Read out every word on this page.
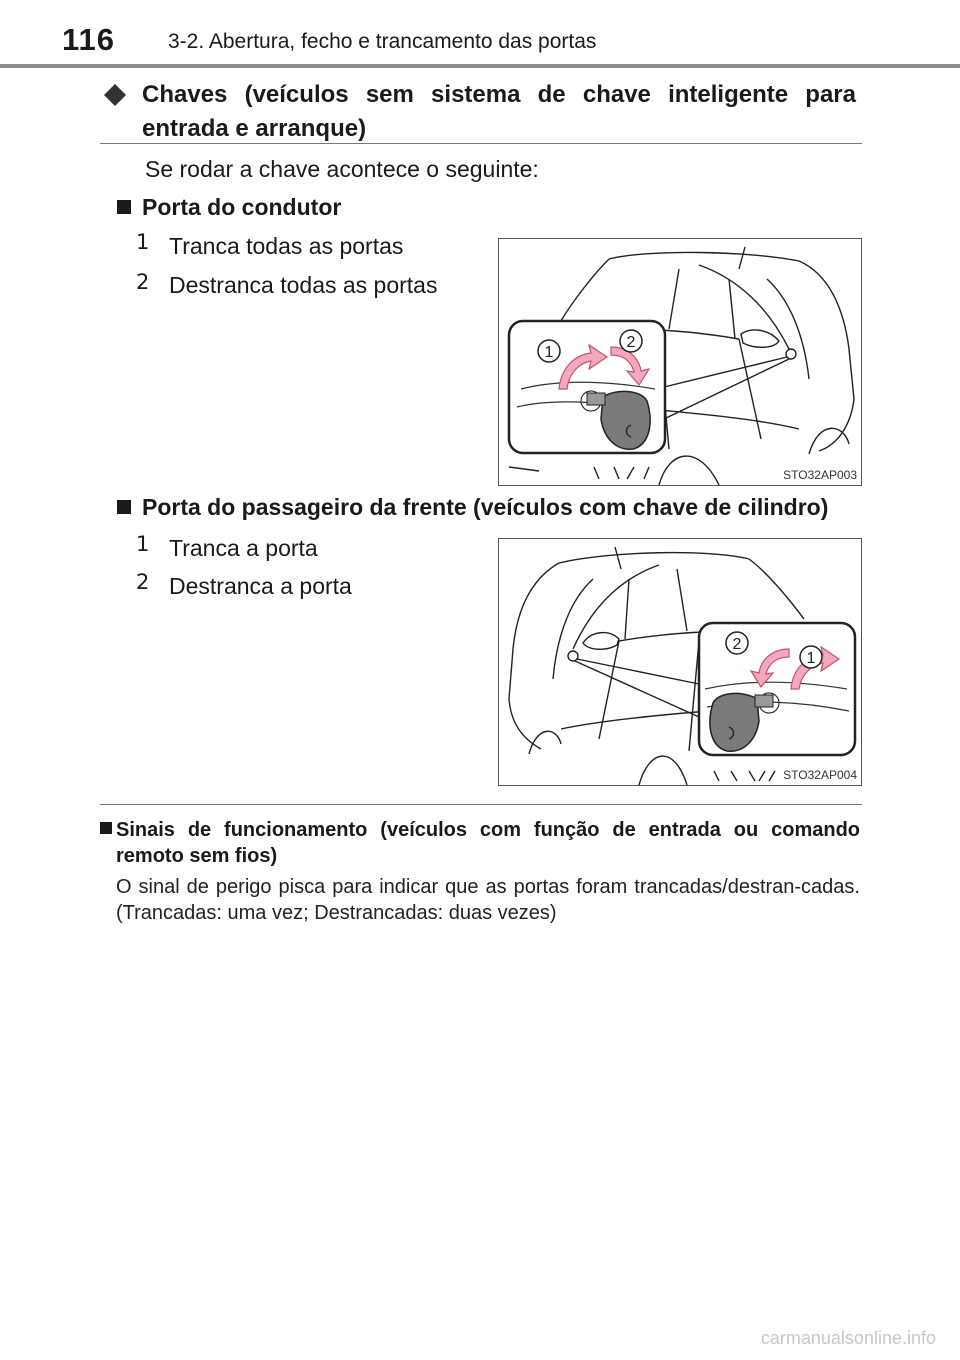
116	3-2. Abertura, fecho e trancamento das portas
Chaves (veículos sem sistema de chave inteligente para entrada e arranque)
Se rodar a chave acontece o seguinte:
Porta do condutor
1 Tranca todas as portas
2 Destranca todas as portas
1
2
STO32AP003
Porta do passageiro da frente (veículos com chave de cilindro)
1 Tranca a porta
2 Destranca a porta
2
1
STO32AP004
Sinais de funcionamento (veículos com função de entrada ou comando remoto sem fios)
O sinal de perigo pisca para indicar que as portas foram trancadas/destran-cadas. (Trancadas: uma vez; Destrancadas: duas vezes)
carmanualsonline.info
